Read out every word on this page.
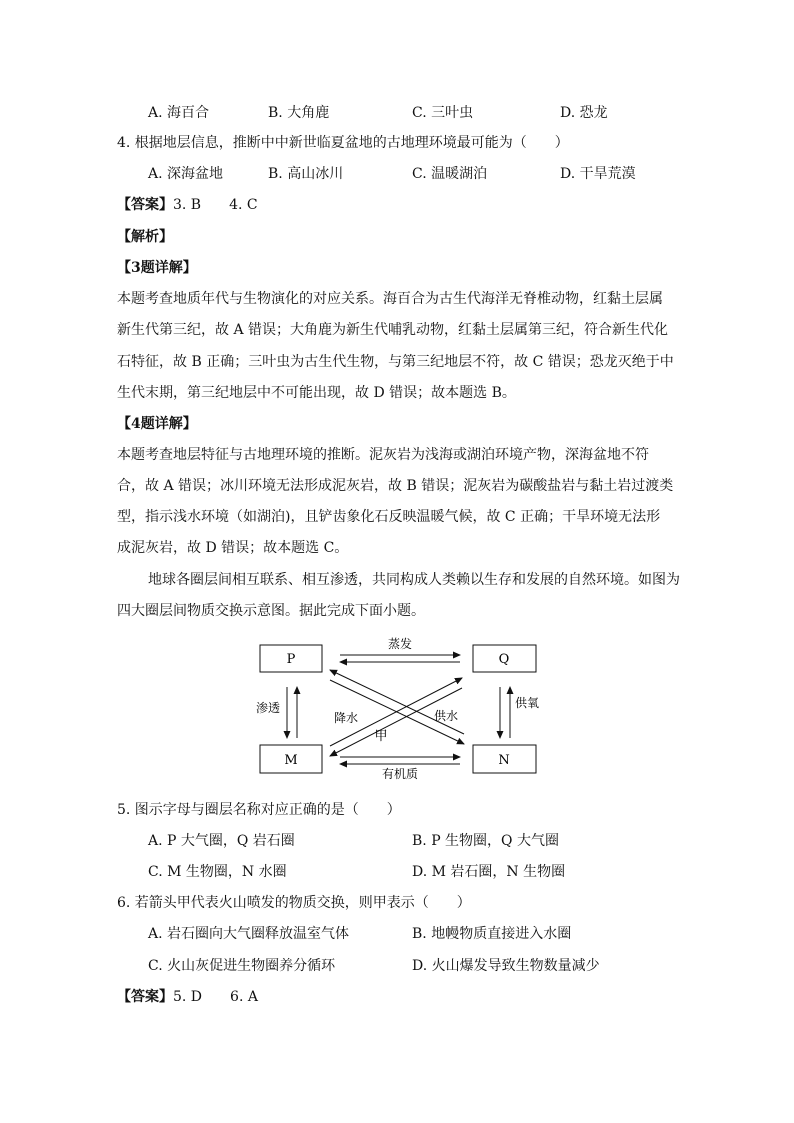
A. 海百合	B. 大角鹿	C. 三叶虫	D. 恐龙
4. 根据地层信息，推断中中新世临夏盆地的古地理环境最可能为（　　）
A. 深海盆地	B. 高山冰川	C. 温暖湖泊	D. 干旱荒漠
【答案】3. B　　4. C
【解析】
【3题详解】
本题考查地质年代与生物演化的对应关系。海百合为古生代海洋无脊椎动物，红黏土层属
新生代第三纪，故 A 错误；大角鹿为新生代哺乳动物，红黏土层属第三纪，符合新生代化
石特征，故 B 正确；三叶虫为古生代生物，与第三纪地层不符，故 C 错误；恐龙灭绝于中
生代末期，第三纪地层中不可能出现，故 D 错误；故本题选 B。
【4题详解】
本题考查地层特征与古地理环境的推断。泥灰岩为浅海或湖泊环境产物，深海盆地不符
合，故 A 错误；冰川环境无法形成泥灰岩，故 B 错误；泥灰岩为碳酸盐岩与黏土岩过渡类
型，指示浅水环境（如湖泊)，且铲齿象化石反映温暖气候，故 C 正确；干旱环境无法形
成泥灰岩，故 D 错误；故本题选 C。
地球各圈层间相互联系、相互渗透，共同构成人类赖以生存和发展的自然环境。如图为
四大圈层间物质交换示意图。据此完成下面小题。
P	Q
M	N
蒸发
有机质
渗透	供氧
降水	供水
甲
5. 图示字母与圈层名称对应正确的是（　　）
A. P 大气圈，Q 岩石圈	B. P 生物圈，Q 大气圈
C. M 生物圈，N 水圈	D. M 岩石圈，N 生物圈
6. 若箭头甲代表火山喷发的物质交换，则甲表示（　　）
A. 岩石圈向大气圈释放温室气体	B. 地幔物质直接进入水圈
C. 火山灰促进生物圈养分循环	D. 火山爆发导致生物数量减少
【答案】5. D　　6. A
